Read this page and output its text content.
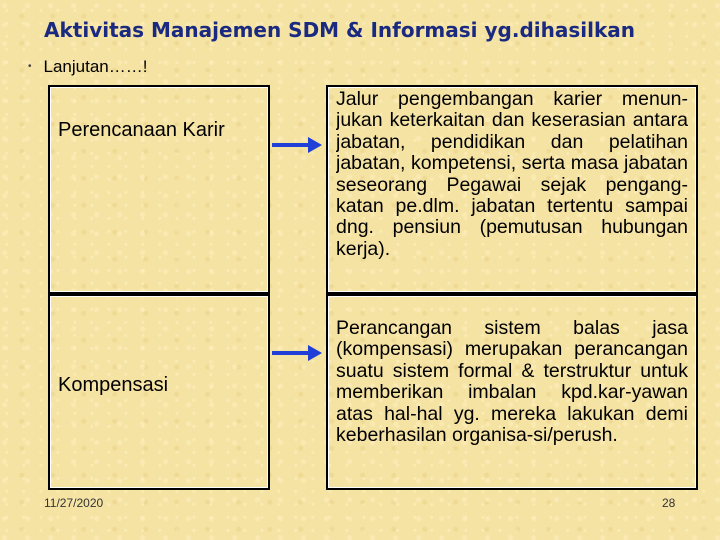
Aktivitas Manajemen SDM & Informasi yg.dihasilkan
• Lanjutan……!
Perencanaan Karir
Jalur pengembangan karier menun-jukan keterkaitan dan keserasian antara jabatan, pendidikan dan pelatihan jabatan, kompetensi, serta masa jabatan seseorang Pegawai sejak pengang-katan pe.dlm. jabatan tertentu sampai dng. pensiun (pemutusan hubungan kerja).
Kompensasi
Perancangan sistem balas jasa (kompensasi) merupakan perancangan suatu sistem formal & terstruktur untuk memberikan imbalan kpd.kar-yawan atas hal-hal yg. mereka lakukan demi keberhasilan organisa-si/perush.
11/27/2020	28
